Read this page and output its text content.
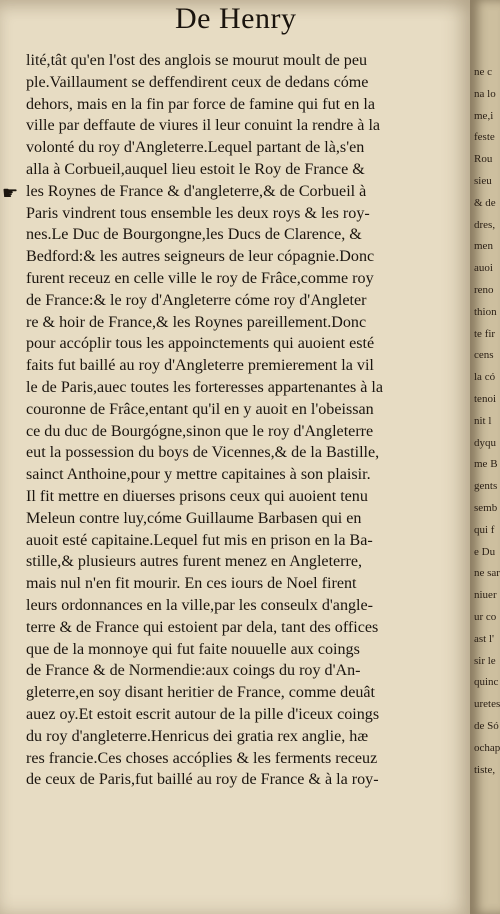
De Henry
☛
lité,tât qu'en l'ost des anglois se mourut moult de peu
ple.Vaillaument se deffendirent ceux de dedans cóme
dehors, mais en la fin par force de famine qui fut en la
ville par deffaute de viures il leur conuint la rendre à la
volonté du roy d'Angleterre.Lequel partant de là,s'en
alla à Corbueil,auquel lieu estoit le Roy de France &
les Roynes de France & d'angleterre,& de Corbueil à
Paris vindrent tous ensemble les deux roys & les roy-
nes.Le Duc de Bourgongne,les Ducs de Clarence, &
Bedford:& les autres seigneurs de leur cópagnie.Donc
furent receuz en celle ville le roy de Frâce,comme roy
de France:& le roy d'Angleterre cóme roy d'Angleter
re & hoir de France,& les Roynes pareillement.Donc
pour accóplir tous les appoinctements qui auoient esté
faits fut baillé au roy d'Angleterre premierement la vil
le de Paris,auec toutes les forteresses appartenantes à la
couronne de Frâce,entant qu'il en y auoit en l'obeissan
ce du duc de Bourgógne,sinon que le roy d'Angleterre
eut la possession du boys de Vicennes,& de la Bastille,
sainct Anthoine,pour y mettre capitaines à son plaisir.
Il fit mettre en diuerses prisons ceux qui auoient tenu
Meleun contre luy,cóme Guillaume Barbasen qui en
auoit esté capitaine.Lequel fut mis en prison en la Ba-
stille,& plusieurs autres furent menez en Angleterre,
mais nul n'en fit mourir. En ces iours de Noel firent
leurs ordonnances en la ville,par les conseulx d'angle-
terre & de France qui estoient par dela, tant des offices
que de la monnoye qui fut faite nouuelle aux coings
de France & de Normendie:aux coings du roy d'An-
gleterre,en soy disant heritier de France, comme deuât
auez oy.Et estoit escrit autour de la pille d'iceux coings
du roy d'angleterre.Henricus dei gratia rex anglie, hæ
res francie.Ces choses accóplies & les ferments receuz
de ceux de Paris,fut baillé au roy de France & à la roy-
ne c
na lo
me,i
feste
Rou
sieu
& de
dres,
men
auoi
reno
thion
te fir
cens
la có
tenoi
nit l
dyqu
me B
gents
semb
qui f
e Du
ne sar
niuer
ur co
ast l'
sir le
quinc
uretes
de Só
ochap
tiste,
